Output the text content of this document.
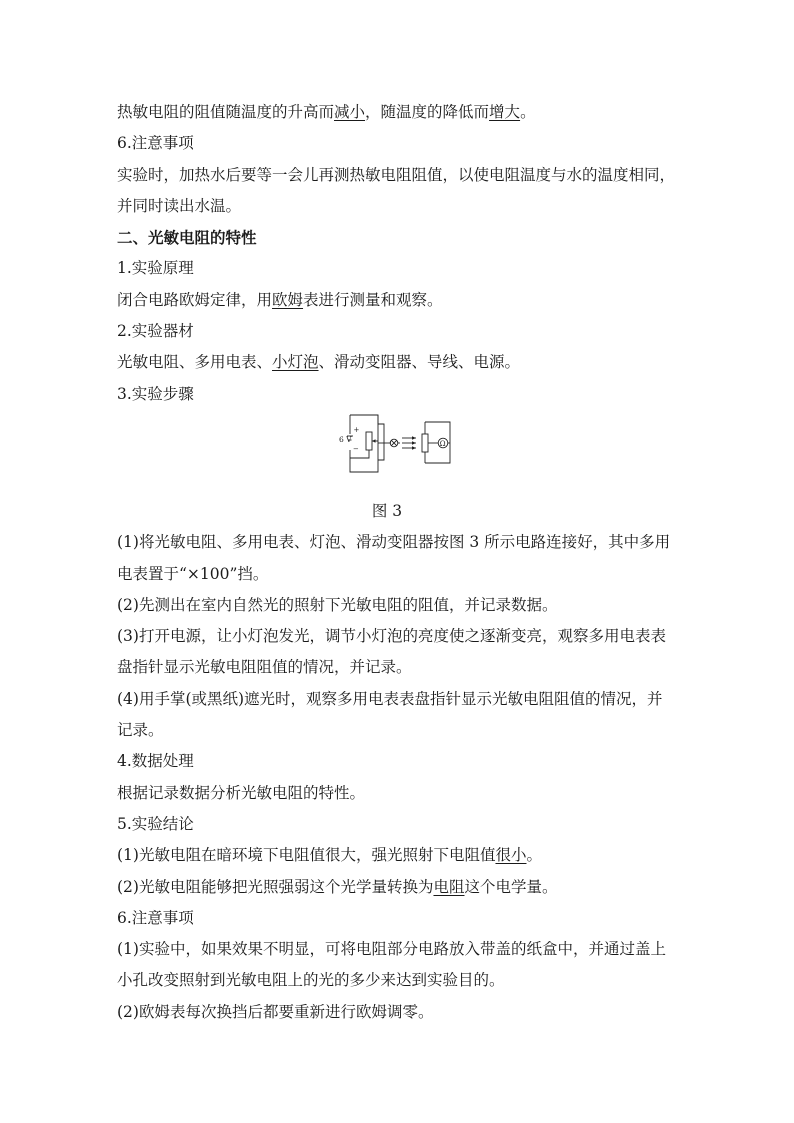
热敏电阻的阻值随温度的升高而减小，随温度的降低而增大。
6.注意事项
实验时，加热水后要等一会儿再测热敏电阻阻值，以使电阻温度与水的温度相同，
并同时读出水温。
二、光敏电阻的特性
1.实验原理
闭合电路欧姆定律，用欧姆表进行测量和观察。
2.实验器材
光敏电阻、多用电表、小灯泡、滑动变阻器、导线、电源。
3.实验步骤
+
6 V
−
Ω
图 3
(1)将光敏电阻、多用电表、灯泡、滑动变阻器按图 3 所示电路连接好，其中多用
电表置于“×100”挡。
(2)先测出在室内自然光的照射下光敏电阻的阻值，并记录数据。
(3)打开电源，让小灯泡发光，调节小灯泡的亮度使之逐渐变亮，观察多用电表表
盘指针显示光敏电阻阻值的情况，并记录。
(4)用手掌(或黑纸)遮光时，观察多用电表表盘指针显示光敏电阻阻值的情况，并
记录。
4.数据处理
根据记录数据分析光敏电阻的特性。
5.实验结论
(1)光敏电阻在暗环境下电阻值很大，强光照射下电阻值很小。
(2)光敏电阻能够把光照强弱这个光学量转换为电阻这个电学量。
6.注意事项
(1)实验中，如果效果不明显，可将电阻部分电路放入带盖的纸盒中，并通过盖上
小孔改变照射到光敏电阻上的光的多少来达到实验目的。
(2)欧姆表每次换挡后都要重新进行欧姆调零。
